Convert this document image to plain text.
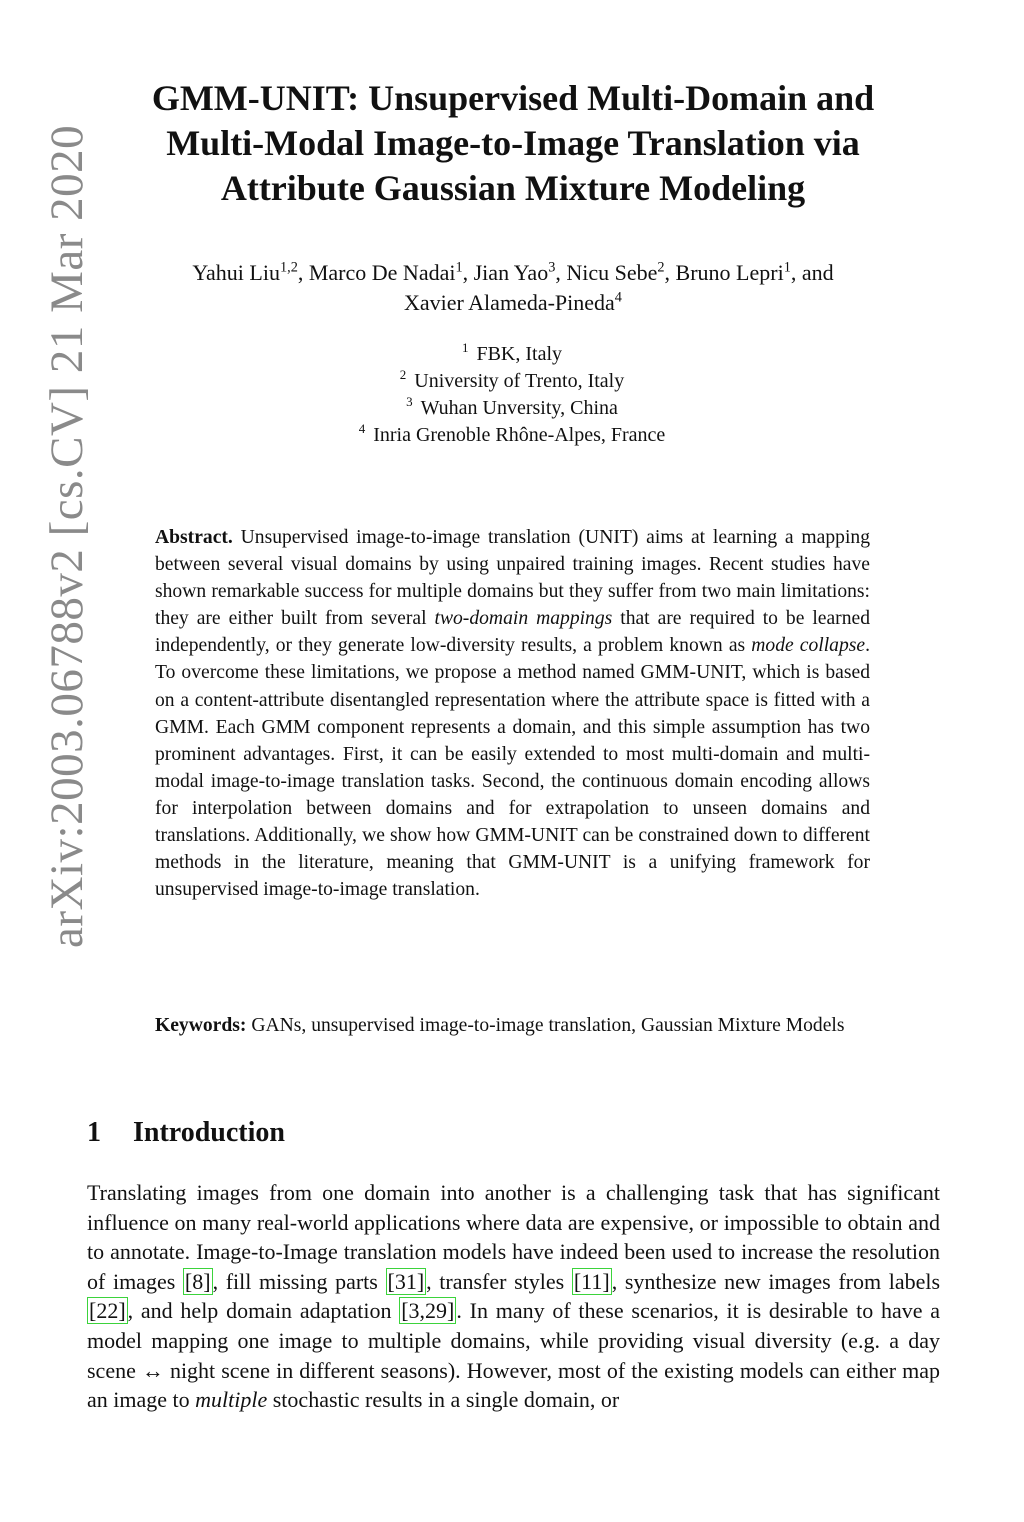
arXiv:2003.06788v2 [cs.CV] 21 Mar 2020
GMM-UNIT: Unsupervised Multi-Domain and
Multi-Modal Image-to-Image Translation via
Attribute Gaussian Mixture Modeling
Yahui Liu$^{1,2}$, Marco De Nadai$^1$, Jian Yao$^3$, Nicu Sebe$^2$, Bruno Lepri$^1$, and
Xavier Alameda-Pineda$^4$
$^1$ FBK, Italy
$^2$ University of Trento, Italy
$^3$ Wuhan Unversity, China
$^4$ Inria Grenoble Rhône-Alpes, France
Abstract. Unsupervised image-to-image translation (UNIT) aims at learning a mapping between several visual domains by using unpaired training images. Recent studies have shown remarkable success for multiple domains but they suffer from two main limitations: they are either built from several two-domain mappings that are required to be learned independently, or they generate low-diversity results, a problem known as mode collapse. To overcome these limitations, we propose a method named GMM-UNIT, which is based on a content-attribute disentangled representation where the attribute space is fitted with a GMM. Each GMM component represents a domain, and this simple assumption has two prominent advantages. First, it can be easily extended to most multi-domain and multi-modal image-to-image translation tasks. Second, the continuous domain encoding allows for interpolation between domains and for extrapolation to unseen domains and translations. Additionally, we show how GMM-UNIT can be constrained down to different methods in the literature, meaning that GMM-UNIT is a unifying framework for unsupervised image-to-image translation.
Keywords: GANs, unsupervised image-to-image translation, Gaussian Mixture Models
1 Introduction
Translating images from one domain into another is a challenging task that has significant influence on many real-world applications where data are expensive, or impossible to obtain and to annotate. Image-to-Image translation models have indeed been used to increase the resolution of images [8], fill missing parts [31], transfer styles [11], synthesize new images from labels [22], and help domain adaptation [3,29]. In many of these scenarios, it is desirable to have a model mapping one image to multiple domains, while providing visual diversity (e.g. a day scene ↔ night scene in different seasons). However, most of the existing models can either map an image to multiple stochastic results in a single domain, or
